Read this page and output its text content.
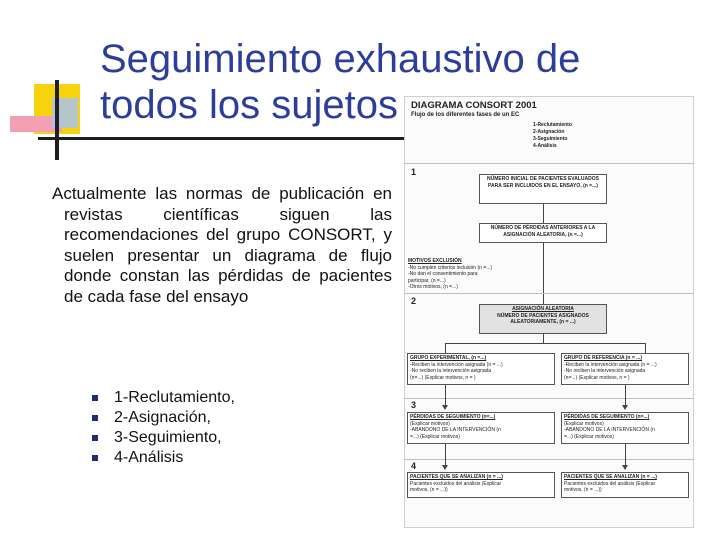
Seguimiento exhaustivo de todos los sujetos

Actualmente las normas de publicación en revistas científicas siguen las recomendaciones del grupo CONSORT, y suelen presentar un diagrama de flujo donde constan las pérdidas de pacientes de cada fase del ensayo

1-Reclutamiento,
2-Asignación,
3-Seguimiento,
4-Análisis
DIAGRAMA CONSORT 2001
Flujo de los diferentes fases de un EC
1-Reclutamiento
2-Asignación
3-Seguimiento
4-Análisis
1
NÚMERO INICIAL DE PACIENTES EVALUADOS PARA SER INCLUIDOS EN EL ENSAYO, (n =...)
NÚMERO DE PÉRDIDAS ANTERIORES A LA ASIGNACIÓN ALEATORIA, (n =...)
MOTIVOS EXCLUSIÓN
-No cumplen criterios inclusión (n =...)
-No dan el consentimiento para
participar, (n =...)
-Otros motivos, (n =...)
2
ASIGNACIÓN ALEATORIA
NÚMERO DE PACIENTES ASIGNADOS ALEATORIAMENTE, (n = ...)
GRUPO EXPERIMENTAL, (n =...)
-Reciben la intervención asignada (n = ...)
-No reciben la intervención asignada
(n=...) (Explicar motivos, n = )
GRUPO DE REFERENCIA (n = ...)
-Reciben la intervención asignada (n = ...)
-No reciben la intervención asignada
(n=...) (Explicar motivos, n = )
3
PÉRDIDAS DE SEGUIMIENTO (n=...)
(Explicar motivos)
-ABANDONO DE LA INTERVENCIÓN (n
=...) (Explicar motivos)
PÉRDIDAS DE SEGUIMIENTO (n=...)
(Explicar motivos)
-ABANDONO DE LA INTERVENCIÓN (n
=...) (Explicar motivos)
4
PACIENTES QUE SE ANALIZAN (n = ...)
Pacientes excluidos del análisis (Explicar
motivos, (n = ...))
PACIENTES QUE SE ANALIZAN (n = ...)
Pacientes excluidos del análisis (Explicar
motivos, (n = ...))
